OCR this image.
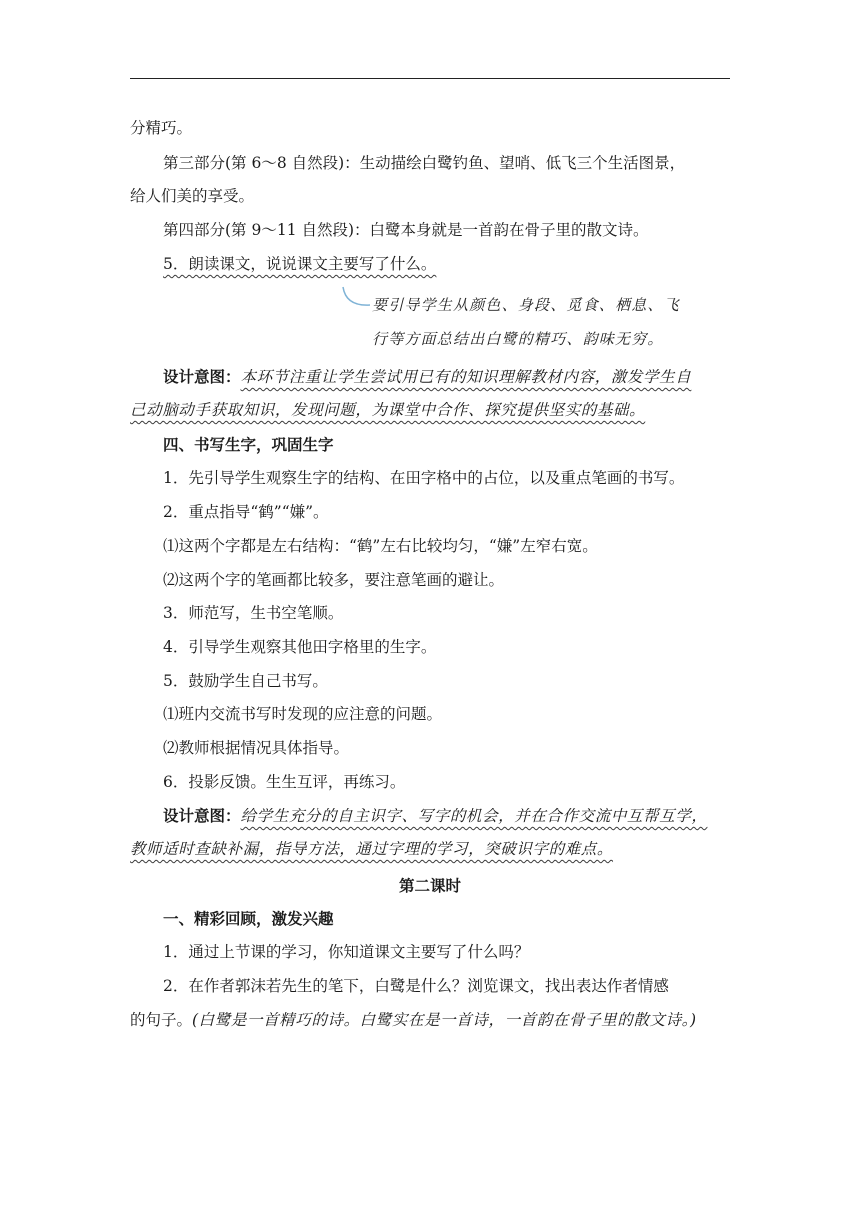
分精巧。
第三部分(第 6～8 自然段)：生动描绘白鹭钓鱼、望哨、低飞三个生活图景，
给人们美的享受。
第四部分(第 9～11 自然段)：白鹭本身就是一首韵在骨子里的散文诗。
5．朗读课文，说说课文主要写了什么。
要引导学生从颜色、身段、觅食、栖息、飞
行等方面总结出白鹭的精巧、韵味无穷。
设计意图：本环节注重让学生尝试用已有的知识理解教材内容，激发学生自
己动脑动手获取知识，发现问题，为课堂中合作、探究提供坚实的基础。
四、书写生字，巩固生字
1．先引导学生观察生字的结构、在田字格中的占位，以及重点笔画的书写。
2．重点指导“鹤”“嫌”。
⑴这两个字都是左右结构：“鹤”左右比较均匀，“嫌”左窄右宽。
⑵这两个字的笔画都比较多，要注意笔画的避让。
3．师范写，生书空笔顺。
4．引导学生观察其他田字格里的生字。
5．鼓励学生自己书写。
⑴班内交流书写时发现的应注意的问题。
⑵教师根据情况具体指导。
6．投影反馈。生生互评，再练习。
设计意图：给学生充分的自主识字、写字的机会，并在合作交流中互帮互学，
教师适时查缺补漏，指导方法，通过字理的学习，突破识字的难点。
第二课时
一、精彩回顾，激发兴趣
1．通过上节课的学习，你知道课文主要写了什么吗？
2．在作者郭沫若先生的笔下，白鹭是什么？浏览课文，找出表达作者情感
的句子。(白鹭是一首精巧的诗。白鹭实在是一首诗，一首韵在骨子里的散文诗。)
